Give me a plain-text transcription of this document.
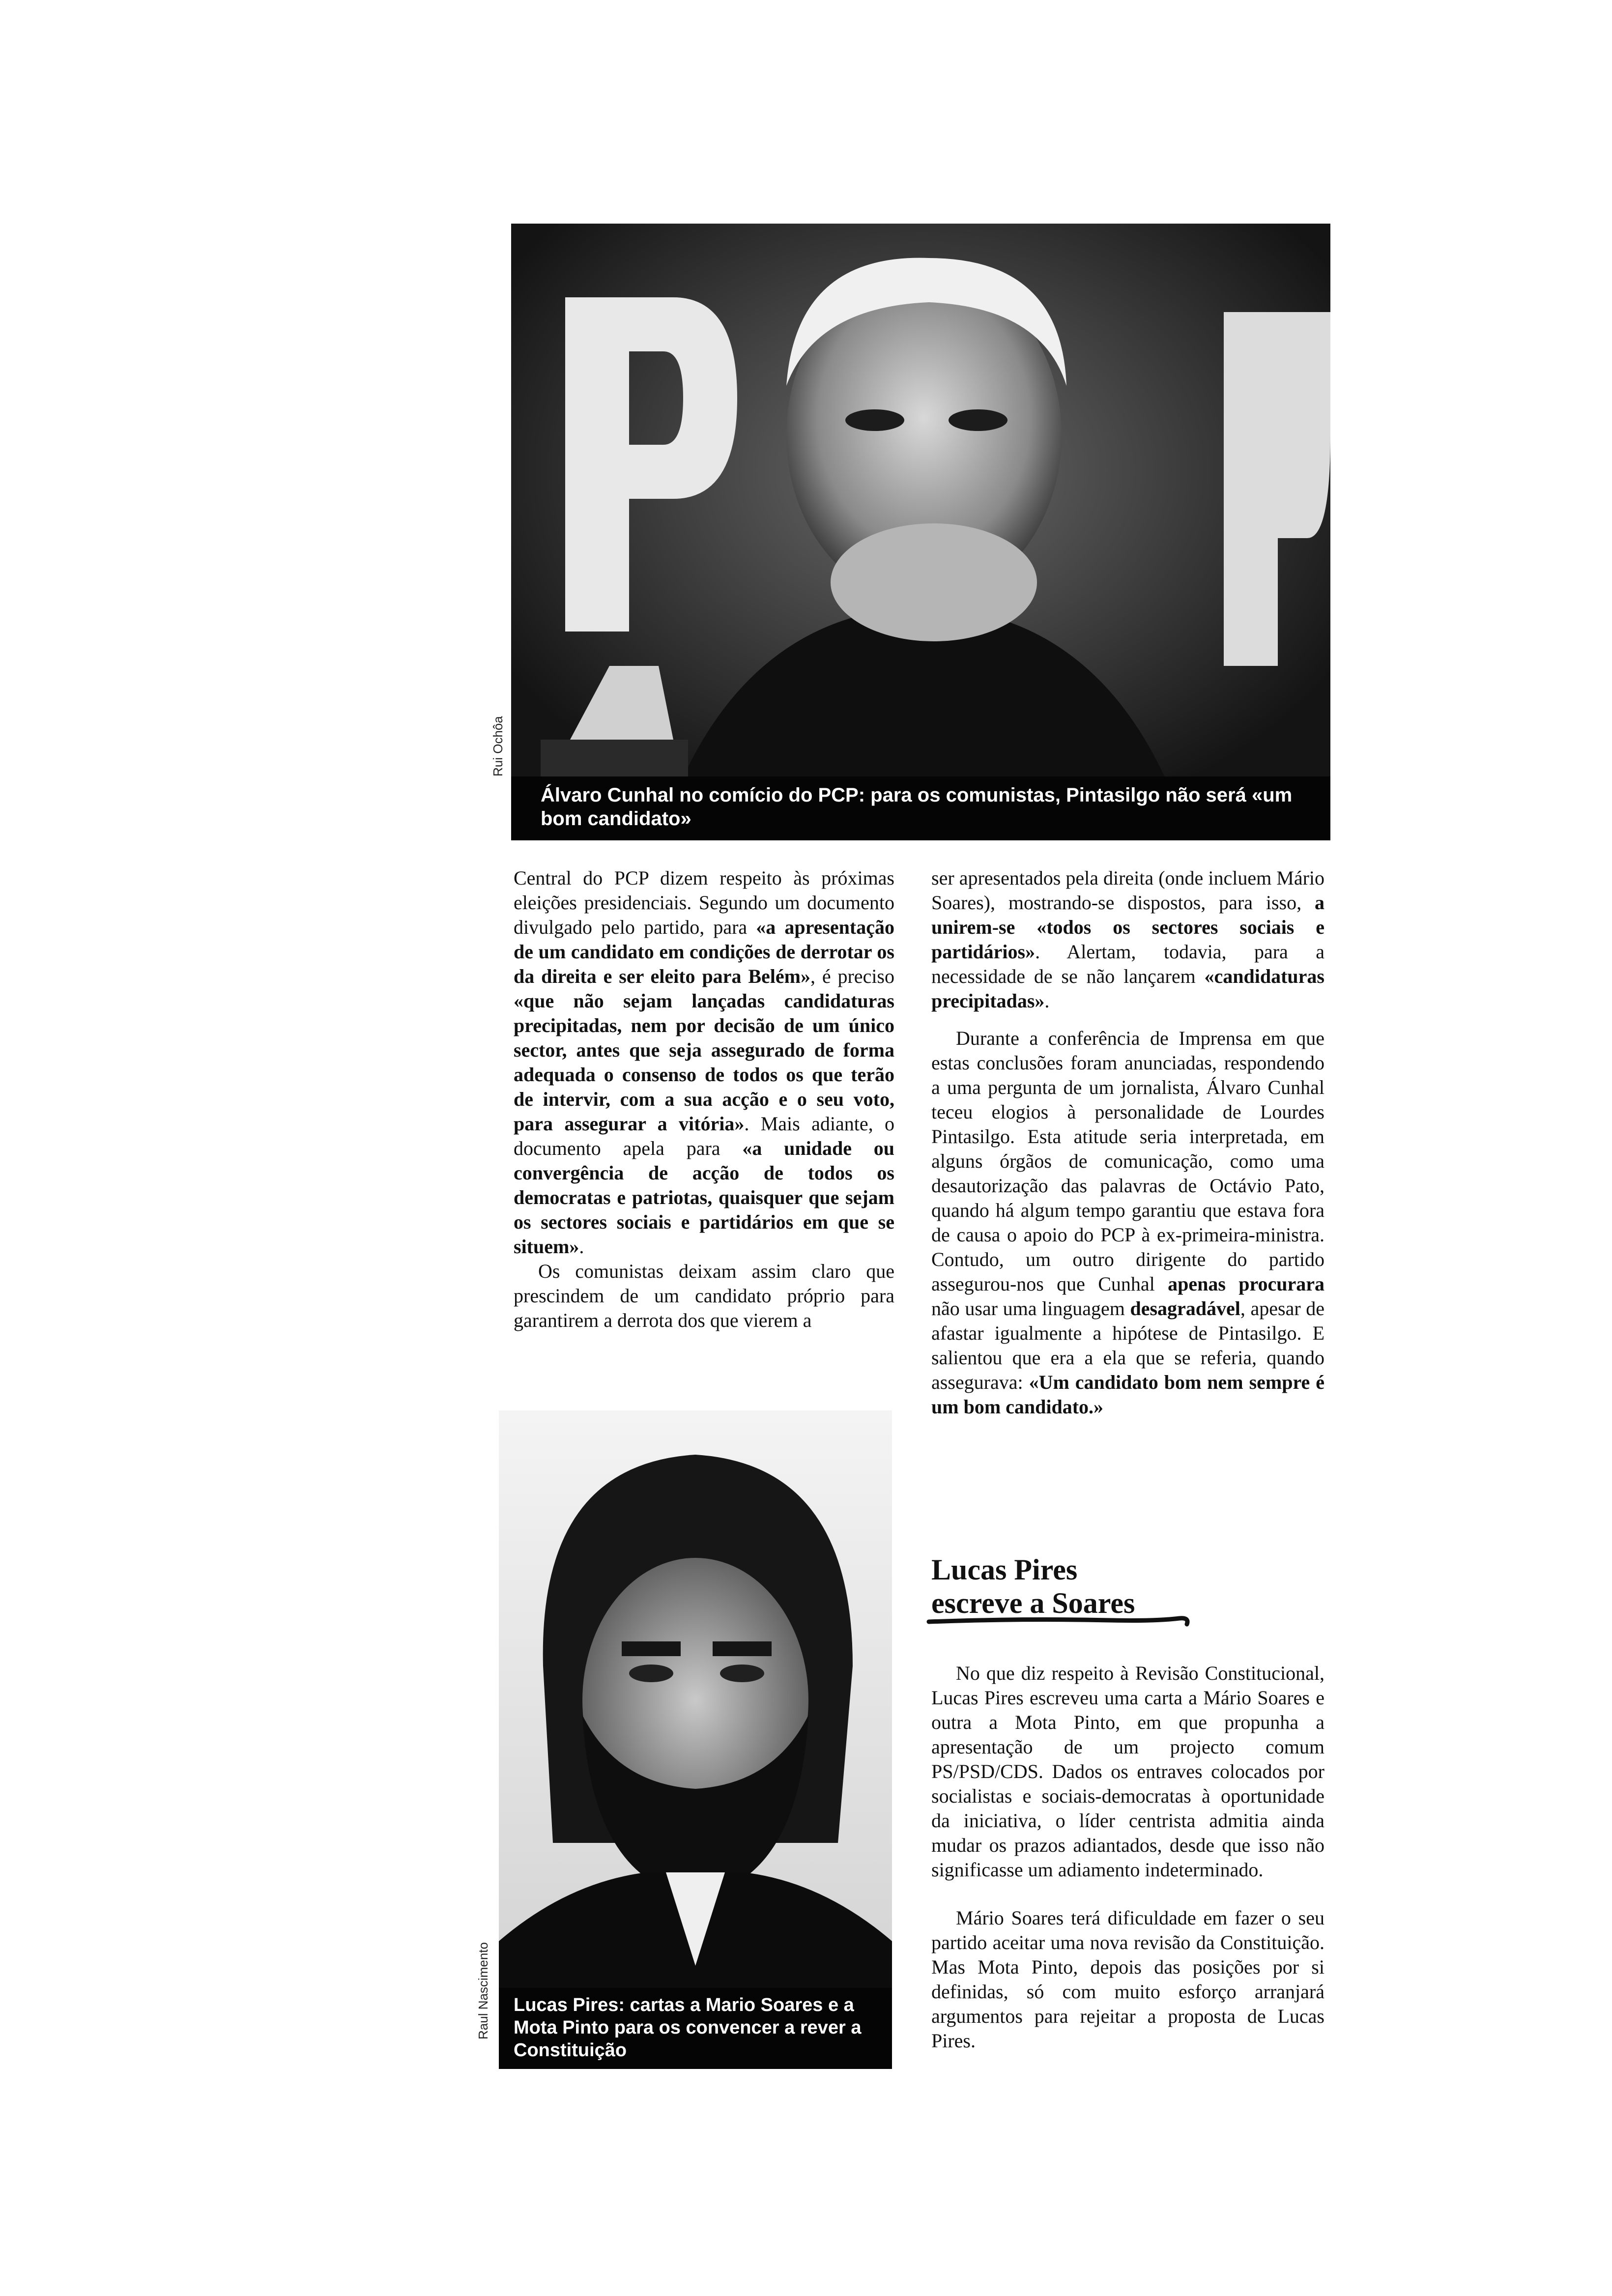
Álvaro Cunhal no comício do PCP: para os comunistas, Pintasilgo não será «um bom candidato»
Rui Ochôa
Lucas Pires: cartas a Mario Soares e a Mota Pinto para os convencer a rever a Constituição
Raul Nascimento

Central do PCP dizem respeito às próximas eleições presidenciais. Segundo um documento divulgado pelo partido, para «a apresentação de um candidato em condições de derrotar os da direita e ser eleito para Belém», é preciso «que não sejam lançadas candidaturas precipitadas, nem por decisão de um único sector, antes que seja assegurado de forma adequada o consenso de todos os que terão de intervir, com a sua acção e o seu voto, para assegurar a vitória». Mais adiante, o documento apela para «a unidade ou convergência de acção de todos os democratas e patriotas, quaisquer que sejam os sectores sociais e partidários em que se situem».

Os comunistas deixam assim claro que prescindem de um candidato próprio para garantirem a derrota dos que vierem a

ser apresentados pela direita (onde incluem Mário Soares), mostrando-se dispostos, para isso, a unirem-se «todos os sectores sociais e partidários». Alertam, todavia, para a necessidade de se não lançarem «candidaturas precipitadas».

Durante a conferência de Imprensa em que estas conclusões foram anunciadas, respondendo a uma pergunta de um jornalista, Álvaro Cunhal teceu elogios à personalidade de Lourdes Pintasilgo. Esta atitude seria interpretada, em alguns órgãos de comunicação, como uma desautorização das palavras de Octávio Pato, quando há algum tempo garantiu que estava fora de causa o apoio do PCP à ex-primeira-ministra. Contudo, um outro dirigente do partido assegurou-nos que Cunhal apenas procurara não usar uma linguagem desagradável, apesar de afastar igualmente a hipótese de Pintasilgo. E salientou que era a ela que se referia, quando assegurava: «Um candidato bom nem sempre é um bom candidato.»

Lucas Pires
escreve a Soares

No que diz respeito à Revisão Constitucional, Lucas Pires escreveu uma carta a Mário Soares e outra a Mota Pinto, em que propunha a apresentação de um projecto comum PS/PSD/CDS. Dados os entraves colocados por socialistas e sociais-democratas à oportunidade da iniciativa, o líder centrista admitia ainda mudar os prazos adiantados, desde que isso não significasse um adiamento indeterminado.

Mário Soares terá dificuldade em fazer o seu partido aceitar uma nova revisão da Constituição. Mas Mota Pinto, depois das posições por si definidas, só com muito esforço arranjará argumentos para rejeitar a proposta de Lucas Pires.
